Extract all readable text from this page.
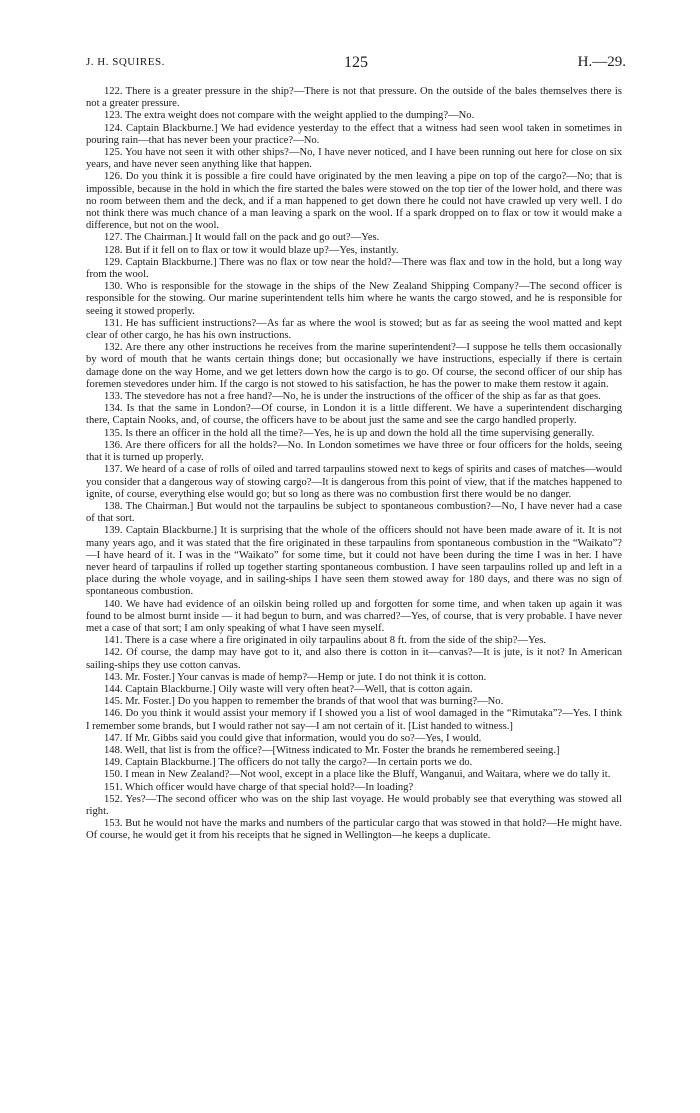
J. H. SQUIRES.	125	H.—29.

122. There is a greater pressure in the ship?—There is not that pressure. On the outside of the bales themselves there is not a greater pressure.

123. The extra weight does not compare with the weight applied to the dumping?—No.

124. Captain Blackburne.] We had evidence yesterday to the effect that a witness had seen wool taken in sometimes in pouring rain—that has never been your practice?—No.

125. You have not seen it with other ships?—No, I have never noticed, and I have been running out here for close on six years, and have never seen anything like that happen.

126. Do you think it is possible a fire could have originated by the men leaving a pipe on top of the cargo?—No; that is impossible, because in the hold in which the fire started the bales were stowed on the top tier of the lower hold, and there was no room between them and the deck, and if a man happened to get down there he could not have crawled up very well. I do not think there was much chance of a man leaving a spark on the wool. If a spark dropped on to flax or tow it would make a difference, but not on the wool.

127. The Chairman.] It would fall on the pack and go out?—Yes.

128. But if it fell on to flax or tow it would blaze up?—Yes, instantly.

129. Captain Blackburne.] There was no flax or tow near the hold?—There was flax and tow in the hold, but a long way from the wool.

130. Who is responsible for the stowage in the ships of the New Zealand Shipping Company?—The second officer is responsible for the stowing. Our marine superintendent tells him where he wants the cargo stowed, and he is responsible for seeing it stowed properly.

131. He has sufficient instructions?—As far as where the wool is stowed; but as far as seeing the wool matted and kept clear of other cargo, he has his own instructions.

132. Are there any other instructions he receives from the marine superintendent?—I suppose he tells them occasionally by word of mouth that he wants certain things done; but occasionally we have instructions, especially if there is certain damage done on the way Home, and we get letters down how the cargo is to go. Of course, the second officer of our ship has foremen stevedores under him. If the cargo is not stowed to his satisfaction, he has the power to make them restow it again.

133. The stevedore has not a free hand?—No, he is under the instructions of the officer of the ship as far as that goes.

134. Is that the same in London?—Of course, in London it is a little different. We have a superintendent discharging there, Captain Nooks, and, of course, the officers have to be about just the same and see the cargo handled properly.

135. Is there an officer in the hold all the time?—Yes, he is up and down the hold all the time supervising generally.

136. Are there officers for all the holds?—No. In London sometimes we have three or four officers for the holds, seeing that it is turned up properly.

137. We heard of a case of rolls of oiled and tarred tarpaulins stowed next to kegs of spirits and cases of matches—would you consider that a dangerous way of stowing cargo?—It is dangerous from this point of view, that if the matches happened to ignite, of course, everything else would go; but so long as there was no combustion first there would be no danger.

138. The Chairman.] But would not the tarpaulins be subject to spontaneous combustion?—No, I have never had a case of that sort.

139. Captain Blackburne.] It is surprising that the whole of the officers should not have been made aware of it. It is not many years ago, and it was stated that the fire originated in these tarpaulins from spontaneous combustion in the “Waikato”?—I have heard of it. I was in the “Waikato” for some time, but it could not have been during the time I was in her. I have never heard of tarpaulins if rolled up together starting spontaneous combustion. I have seen tarpaulins rolled up and left in a place during the whole voyage, and in sailing-ships I have seen them stowed away for 180 days, and there was no sign of spontaneous combustion.

140. We have had evidence of an oilskin being rolled up and forgotten for some time, and when taken up again it was found to be almost burnt inside — it had begun to burn, and was charred?—Yes, of course, that is very probable. I have never met a case of that sort; I am only speaking of what I have seen myself.

141. There is a case where a fire originated in oily tarpaulins about 8 ft. from the side of the ship?—Yes.

142. Of course, the damp may have got to it, and also there is cotton in it—canvas?—It is jute, is it not? In American sailing-ships they use cotton canvas.

143. Mr. Foster.] Your canvas is made of hemp?—Hemp or jute. I do not think it is cotton.

144. Captain Blackburne.] Oily waste will very often heat?—Well, that is cotton again.

145. Mr. Foster.] Do you happen to remember the brands of that wool that was burning?—No.

146. Do you think it would assist your memory if I showed you a list of wool damaged in the “Rimutaka”?—Yes. I think I remember some brands, but I would rather not say—I am not certain of it. [List handed to witness.]

147. If Mr. Gibbs said you could give that information, would you do so?—Yes, I would.

148. Well, that list is from the office?—[Witness indicated to Mr. Foster the brands he remembered seeing.]

149. Captain Blackburne.] The officers do not tally the cargo?—In certain ports we do.

150. I mean in New Zealand?—Not wool, except in a place like the Bluff, Wanganui, and Waitara, where we do tally it.

151. Which officer would have charge of that special hold?—In loading?

152. Yes?—The second officer who was on the ship last voyage. He would probably see that everything was stowed all right.

153. But he would not have the marks and numbers of the particular cargo that was stowed in that hold?—He might have. Of course, he would get it from his receipts that he signed in Wellington—he keeps a duplicate.
